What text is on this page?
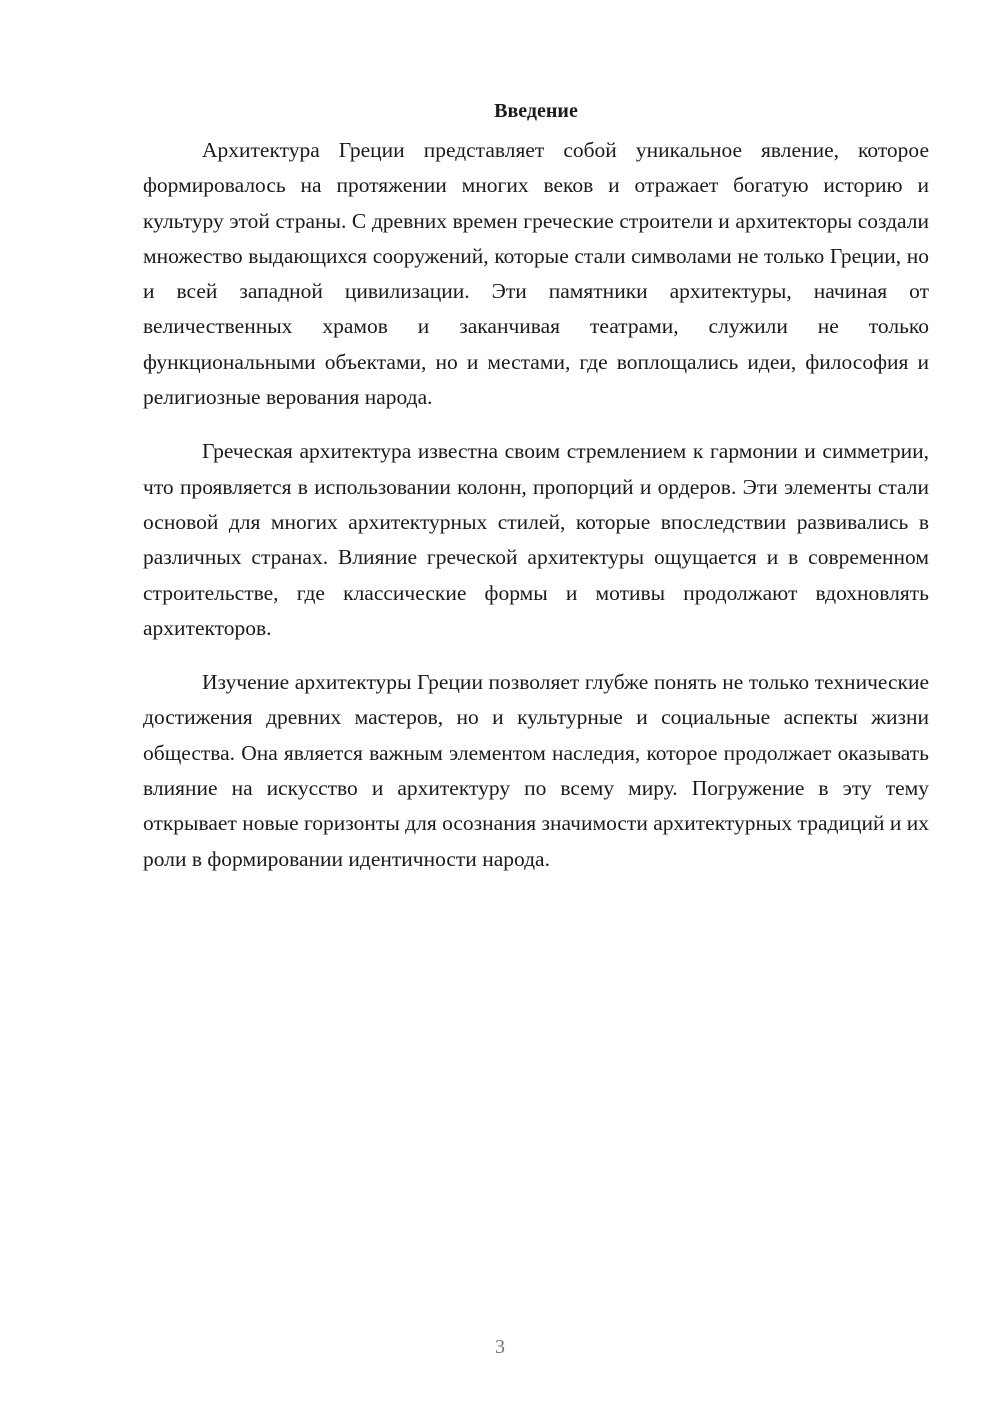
Введение

Архитектура Греции представляет собой уникальное явление, которое формировалось на протяжении многих веков и отражает богатую историю и культуру этой страны. С древних времен греческие строители и архитекторы создали множество выдающихся сооружений, которые стали символами не только Греции, но и всей западной цивилизации. Эти памятники архитектуры, начиная от величественных храмов и заканчивая театрами, служили не только функциональными объектами, но и местами, где воплощались идеи, философия и религиозные верования народа.

Греческая архитектура известна своим стремлением к гармонии и симметрии, что проявляется в использовании колонн, пропорций и ордеров. Эти элементы стали основой для многих архитектурных стилей, которые впоследствии развивались в различных странах. Влияние греческой архитектуры ощущается и в современном строительстве, где классические формы и мотивы продолжают вдохновлять архитекторов.

Изучение архитектуры Греции позволяет глубже понять не только технические достижения древних мастеров, но и культурные и социальные аспекты жизни общества. Она является важным элементом наследия, которое продолжает оказывать влияние на искусство и архитектуру по всему миру. Погружение в эту тему открывает новые горизонты для осознания значимости архитектурных традиций и их роли в формировании идентичности народа.

3
